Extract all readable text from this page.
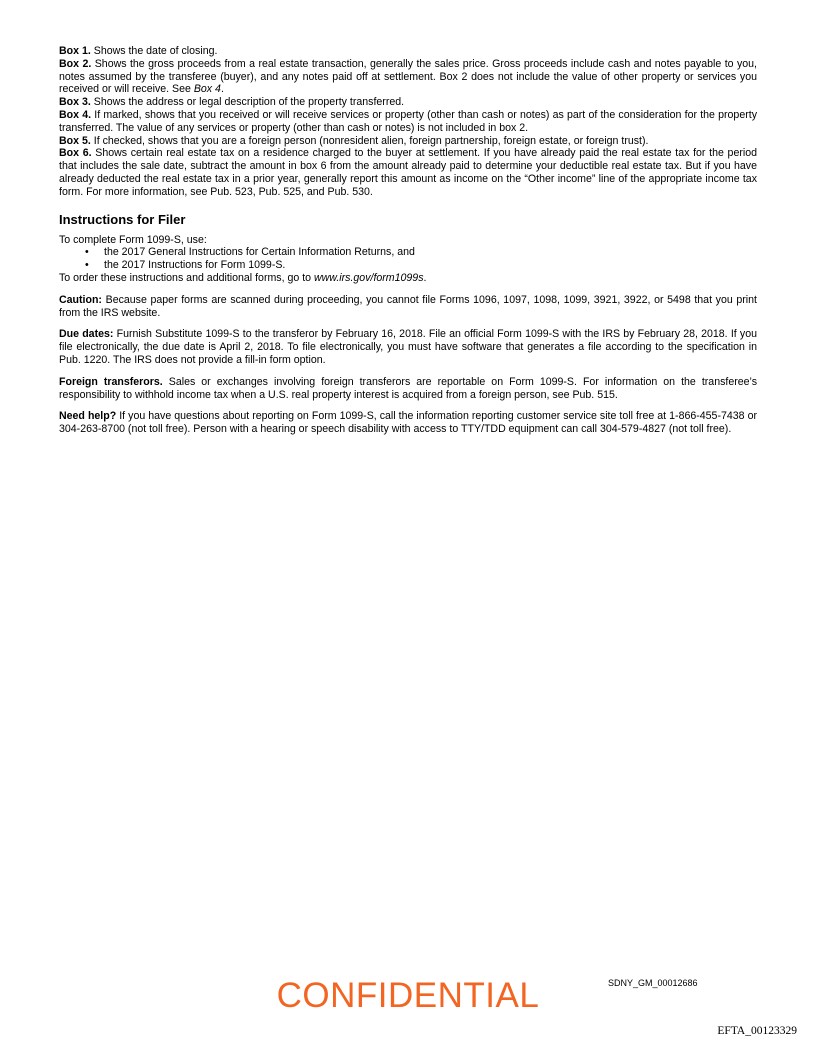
Box 1. Shows the date of closing.

Box 2. Shows the gross proceeds from a real estate transaction, generally the sales price. Gross proceeds include cash and notes payable to you, notes assumed by the transferee (buyer), and any notes paid off at settlement. Box 2 does not include the value of other property or services you received or will receive. See Box 4.

Box 3. Shows the address or legal description of the property transferred.

Box 4. If marked, shows that you received or will receive services or property (other than cash or notes) as part of the consideration for the property transferred. The value of any services or property (other than cash or notes) is not included in box 2.

Box 5. If checked, shows that you are a foreign person (nonresident alien, foreign partnership, foreign estate, or foreign trust).

Box 6. Shows certain real estate tax on a residence charged to the buyer at settlement. If you have already paid the real estate tax for the period that includes the sale date, subtract the amount in box 6 from the amount already paid to determine your deductible real estate tax. But if you have already deducted the real estate tax in a prior year, generally report this amount as income on the “Other income” line of the appropriate income tax form. For more information, see Pub. 523, Pub. 525, and Pub. 530.

Instructions for Filer

To complete Form 1099-S, use:

• the 2017 General Instructions for Certain Information Returns, and
• the 2017 Instructions for Form 1099-S.

To order these instructions and additional forms, go to www.irs.gov/form1099s.

Caution: Because paper forms are scanned during proceeding, you cannot file Forms 1096, 1097, 1098, 1099, 3921, 3922, or 5498 that you print from the IRS website.

Due dates: Furnish Substitute 1099-S to the transferor by February 16, 2018. File an official Form 1099-S with the IRS by February 28, 2018. If you file electronically, the due date is April 2, 2018. To file electronically, you must have software that generates a file according to the specification in Pub. 1220. The IRS does not provide a fill-in form option.

Foreign transferors. Sales or exchanges involving foreign transferors are reportable on Form 1099-S. For information on the transferee’s responsibility to withhold income tax when a U.S. real property interest is acquired from a foreign person, see Pub. 515.

Need help? If you have questions about reporting on Form 1099-S, call the information reporting customer service site toll free at 1-866-455-7438 or 304-263-8700 (not toll free). Person with a hearing or speech disability with access to TTY/TDD equipment can call 304-579-4827 (not toll free).

CONFIDENTIAL	SDNY_GM_00012686
EFTA_00123329
